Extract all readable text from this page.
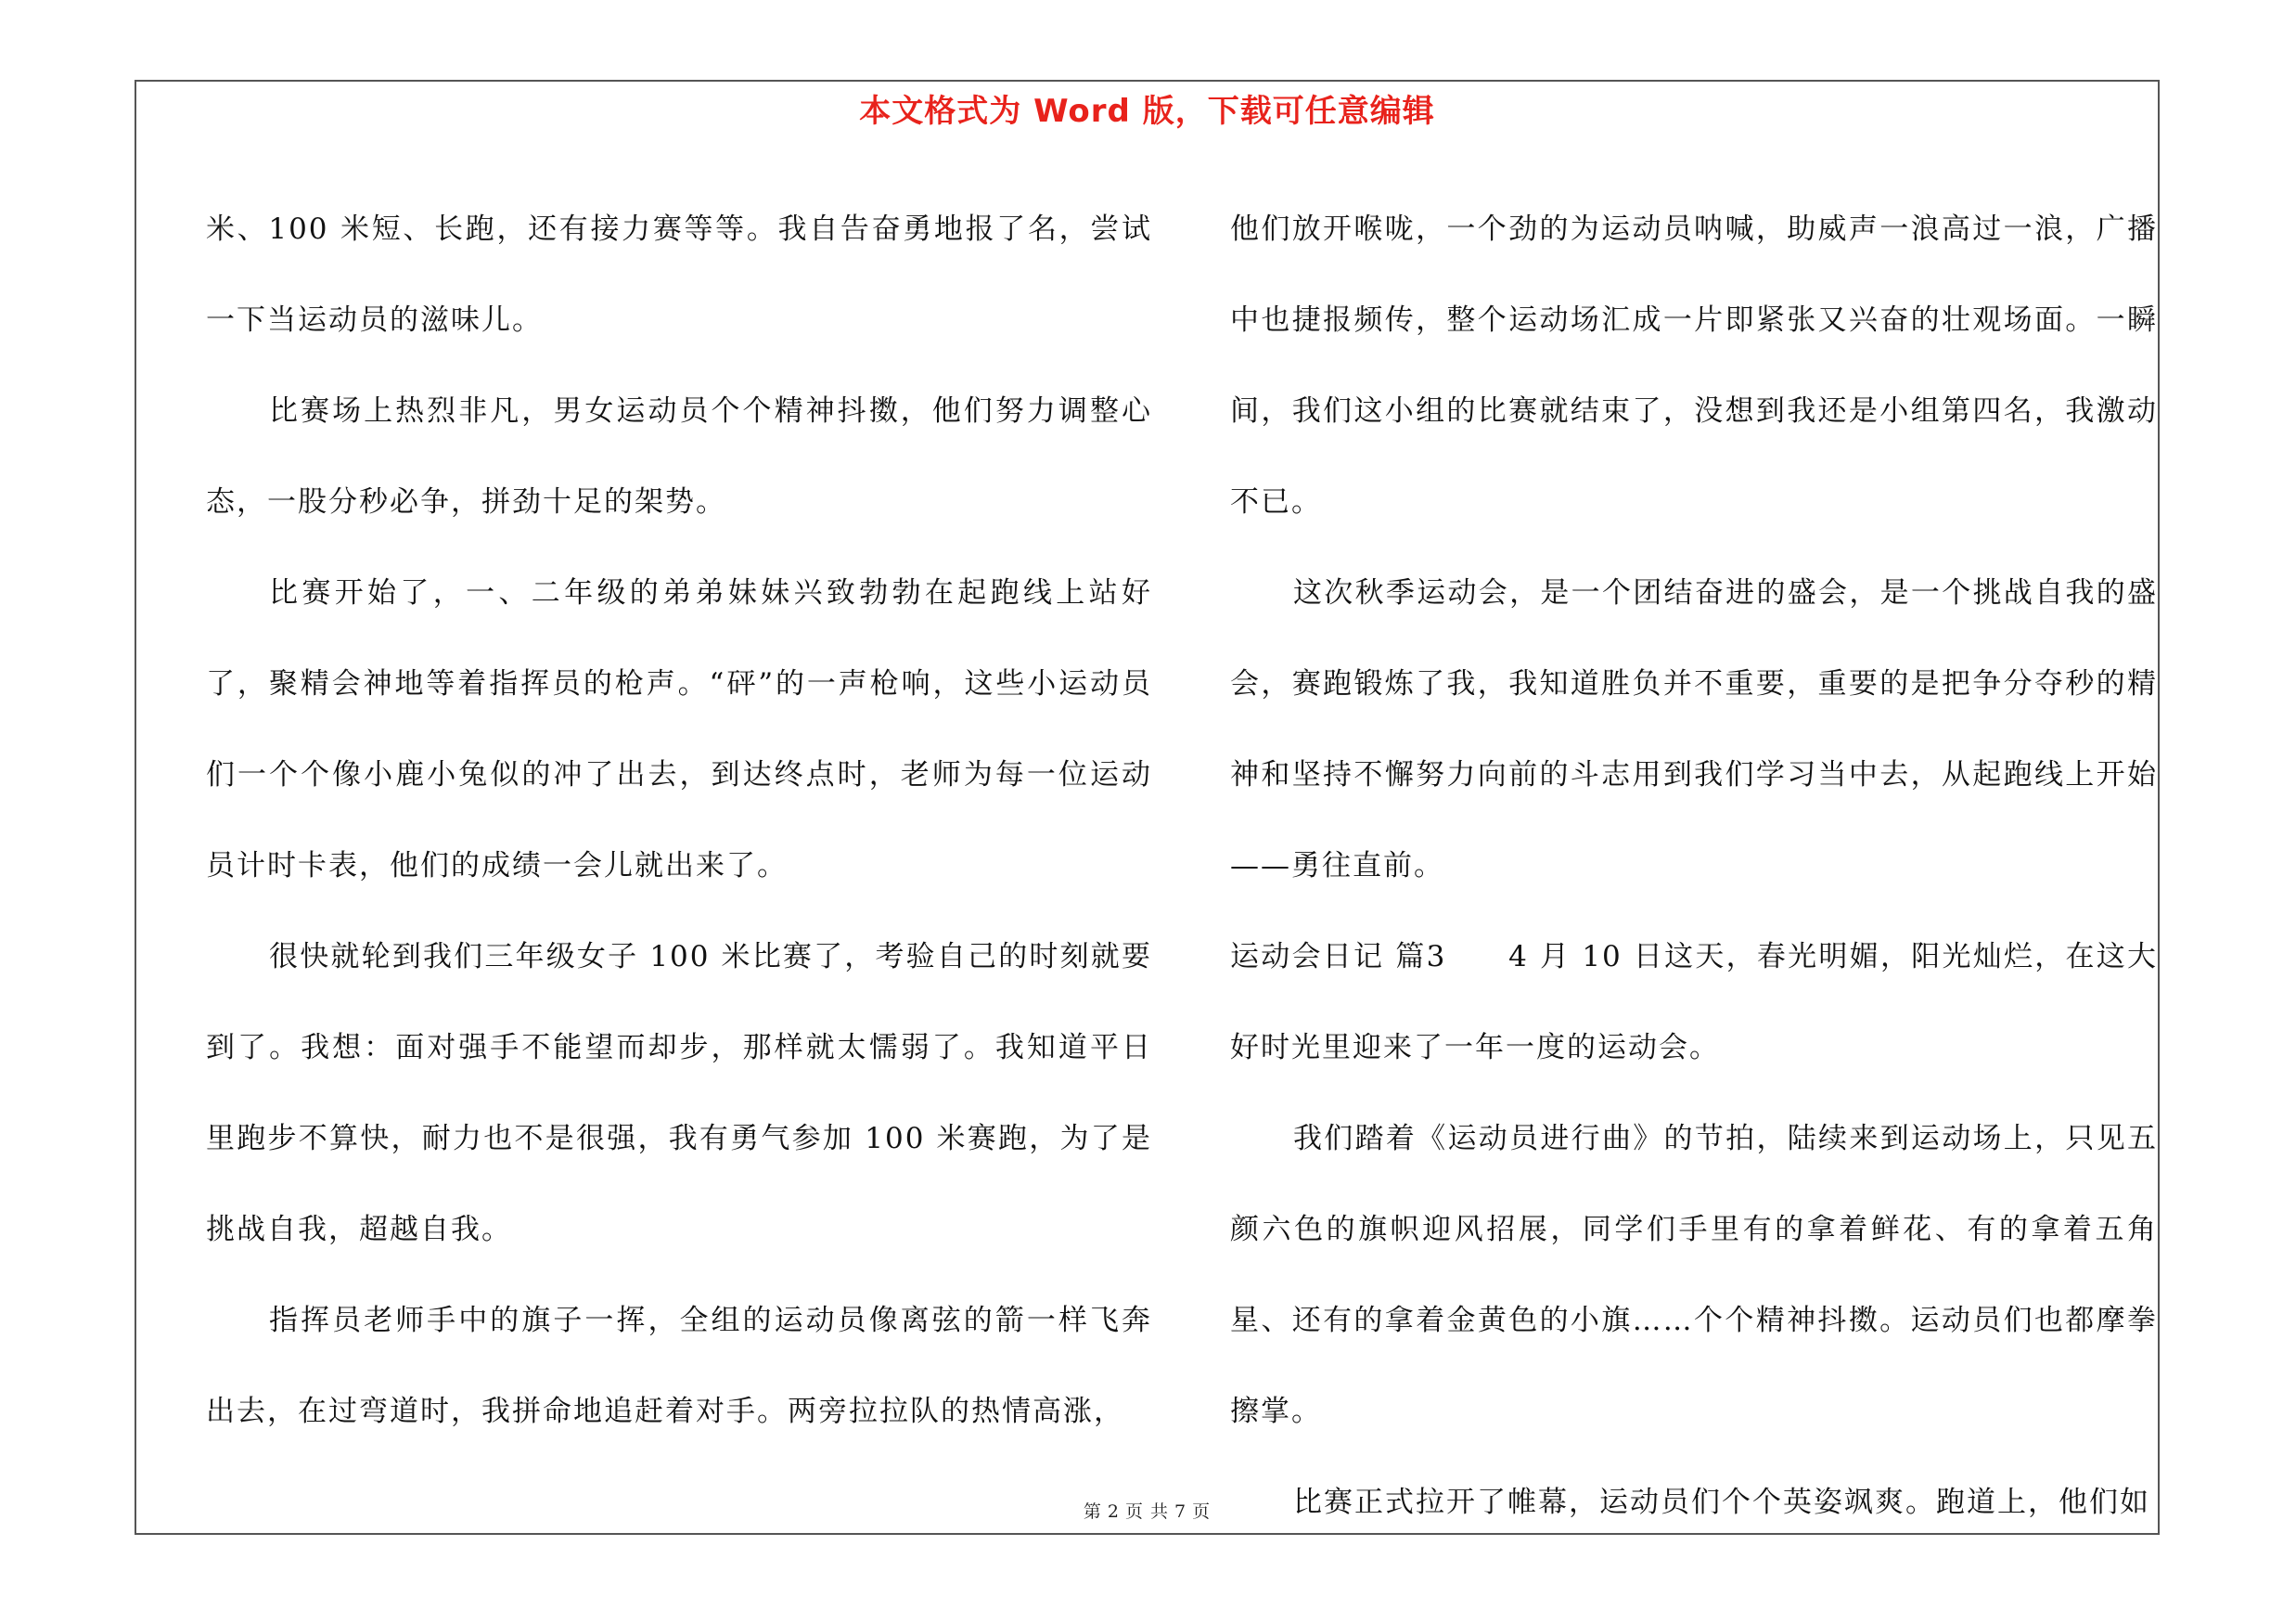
本文格式为 Word 版，下载可任意编辑

米、100 米短、长跑，还有接力赛等等。我自告奋勇地报了名，尝试一下当运动员的滋味儿。

比赛场上热烈非凡，男女运动员个个精神抖擞，他们努力调整心态，一股分秒必争，拼劲十足的架势。

比赛开始了，一、二年级的弟弟妹妹兴致勃勃在起跑线上站好了，聚精会神地等着指挥员的枪声。“砰”的一声枪响，这些小运动员们一个个像小鹿小兔似的冲了出去，到达终点时，老师为每一位运动员计时卡表，他们的成绩一会儿就出来了。

很快就轮到我们三年级女子 100 米比赛了，考验自己的时刻就要到了。我想：面对强手不能望而却步，那样就太懦弱了。我知道平日里跑步不算快，耐力也不是很强，我有勇气参加 100 米赛跑，为了是挑战自我，超越自我。

指挥员老师手中的旗子一挥，全组的运动员像离弦的箭一样飞奔出去，在过弯道时，我拼命地追赶着对手。两旁拉拉队的热情高涨，

他们放开喉咙，一个劲的为运动员呐喊，助威声一浪高过一浪，广播中也捷报频传，整个运动场汇成一片即紧张又兴奋的壮观场面。一瞬间，我们这小组的比赛就结束了，没想到我还是小组第四名，我激动不已。

这次秋季运动会，是一个团结奋进的盛会，是一个挑战自我的盛会，赛跑锻炼了我，我知道胜负并不重要，重要的是把争分夺秒的精神和坚持不懈努力向前的斗志用到我们学习当中去，从起跑线上开始——勇往直前。

运动会日记 篇3　　4 月 10 日这天，春光明媚，阳光灿烂，在这大好时光里迎来了一年一度的运动会。

我们踏着《运动员进行曲》的节拍，陆续来到运动场上，只见五颜六色的旗帜迎风招展，同学们手里有的拿着鲜花、有的拿着五角星、还有的拿着金黄色的小旗……个个精神抖擞。运动员们也都摩拳擦掌。

比赛正式拉开了帷幕，运动员们个个英姿飒爽。跑道上，他们如

第 2 页 共 7 页
